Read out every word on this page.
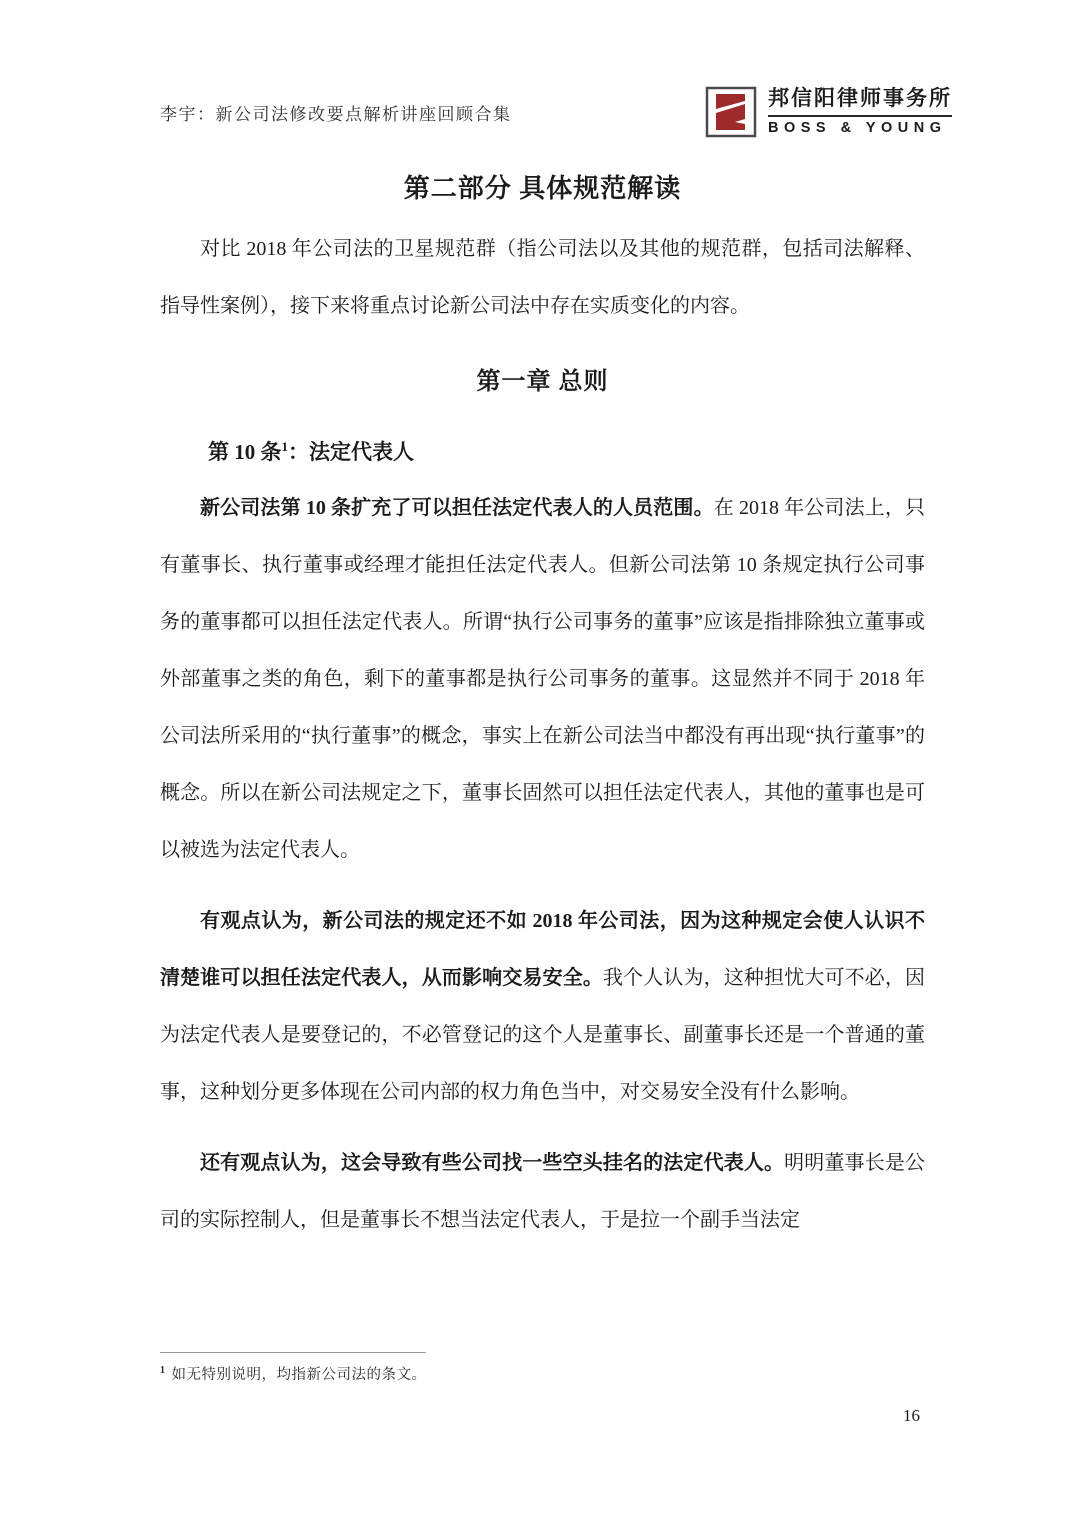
李宇：新公司法修改要点解析讲座回顾合集
邦信阳律师事务所
BOSS & YOUNG
第二部分 具体规范解读

对比 2018 年公司法的卫星规范群（指公司法以及其他的规范群，包括司法解释、指导性案例），接下来将重点讨论新公司法中存在实质变化的内容。

第一章 总则
第 10 条$^1$：法定代表人

新公司法第 10 条扩充了可以担任法定代表人的人员范围。在 2018 年公司法上，只有董事长、执行董事或经理才能担任法定代表人。但新公司法第 10 条规定执行公司事务的董事都可以担任法定代表人。所谓“执行公司事务的董事”应该是指排除独立董事或外部董事之类的角色，剩下的董事都是执行公司事务的董事。这显然并不同于 2018 年公司法所采用的“执行董事”的概念，事实上在新公司法当中都没有再出现“执行董事”的概念。所以在新公司法规定之下，董事长固然可以担任法定代表人，其他的董事也是可以被选为法定代表人。

有观点认为，新公司法的规定还不如 2018 年公司法，因为这种规定会使人认识不清楚谁可以担任法定代表人，从而影响交易安全。我个人认为，这种担忧大可不必，因为法定代表人是要登记的，不必管登记的这个人是董事长、副董事长还是一个普通的董事，这种划分更多体现在公司内部的权力角色当中，对交易安全没有什么影响。

还有观点认为，这会导致有些公司找一些空头挂名的法定代表人。明明董事长是公司的实际控制人，但是董事长不想当法定代表人，于是拉一个副手当法定

$^1$ 如无特别说明，均指新公司法的条文。
16
